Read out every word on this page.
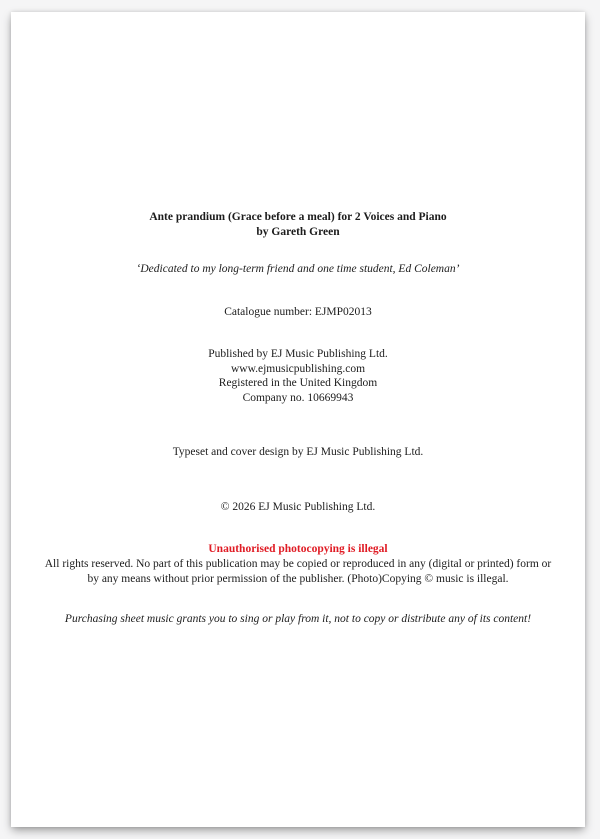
Ante prandium (Grace before a meal) for 2 Voices and Piano
by Gareth Green
‘Dedicated to my long-term friend and one time student, Ed Coleman’
Catalogue number: EJMP02013
Published by EJ Music Publishing Ltd.
www.ejmusicpublishing.com
Registered in the United Kingdom
Company no. 10669943
Typeset and cover design by EJ Music Publishing Ltd.
© 2026 EJ Music Publishing Ltd.
Unauthorised photocopying is illegal
All rights reserved. No part of this publication may be copied or reproduced in any (digital or printed) form or
by any means without prior permission of the publisher. (Photo)Copying © music is illegal.
Purchasing sheet music grants you to sing or play from it, not to copy or distribute any of its content!
